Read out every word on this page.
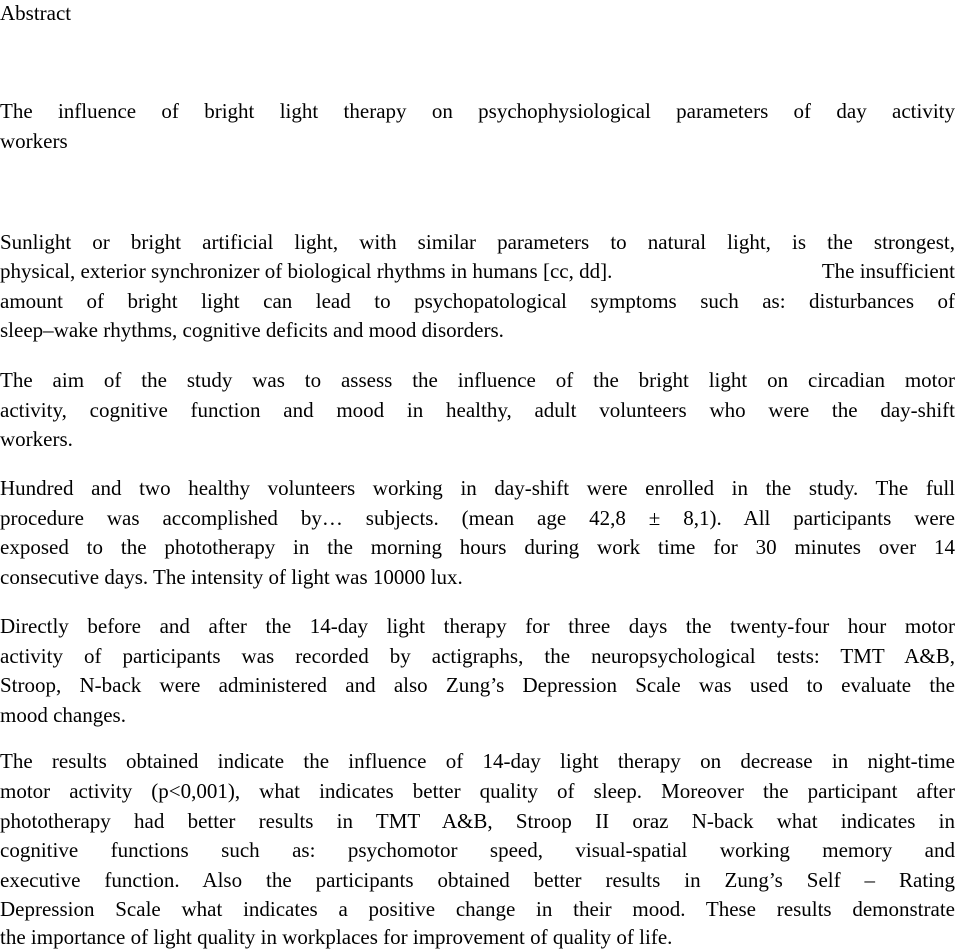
Abstract
The influence of bright light therapy on psychophysiological parameters of day activity
workers
Sunlight or bright artificial light, with similar parameters to natural light, is the strongest,
physical, exterior synchronizer of biological rhythms in humans [cc, dd].	The insufficient
amount of bright light can lead to psychopatological symptoms such as: disturbances of
sleep–wake rhythms, cognitive deficits and mood disorders.
The aim of the study was to assess the influence of the bright light on circadian motor
activity, cognitive function and mood in healthy, adult volunteers who were the day-shift
workers.
Hundred and two healthy volunteers working in day-shift were enrolled in the study. The full
procedure was accomplished by… subjects. (mean age 42,8 ± 8,1). All participants were
exposed to the phototherapy in the morning hours during work time for 30 minutes over 14
consecutive days. The intensity of light was 10000 lux.
Directly before and after the 14-day light therapy for three days the twenty-four hour motor
activity of participants was recorded by actigraphs, the neuropsychological tests: TMT A&B,
Stroop, N-back were administered and also Zung’s Depression Scale was used to evaluate the
mood changes.
The results obtained indicate the influence of 14-day light therapy on decrease in night-time
motor activity (p<0,001), what indicates better quality of sleep. Moreover the participant after
phototherapy had better results in TMT A&B, Stroop II oraz N-back what indicates in
cognitive functions such as: psychomotor speed, visual-spatial working memory and
executive function. Also the participants obtained better results in Zung’s Self – Rating
Depression Scale what indicates a positive change in their mood. These results demonstrate
the importance of light quality in workplaces for improvement of quality of life.
